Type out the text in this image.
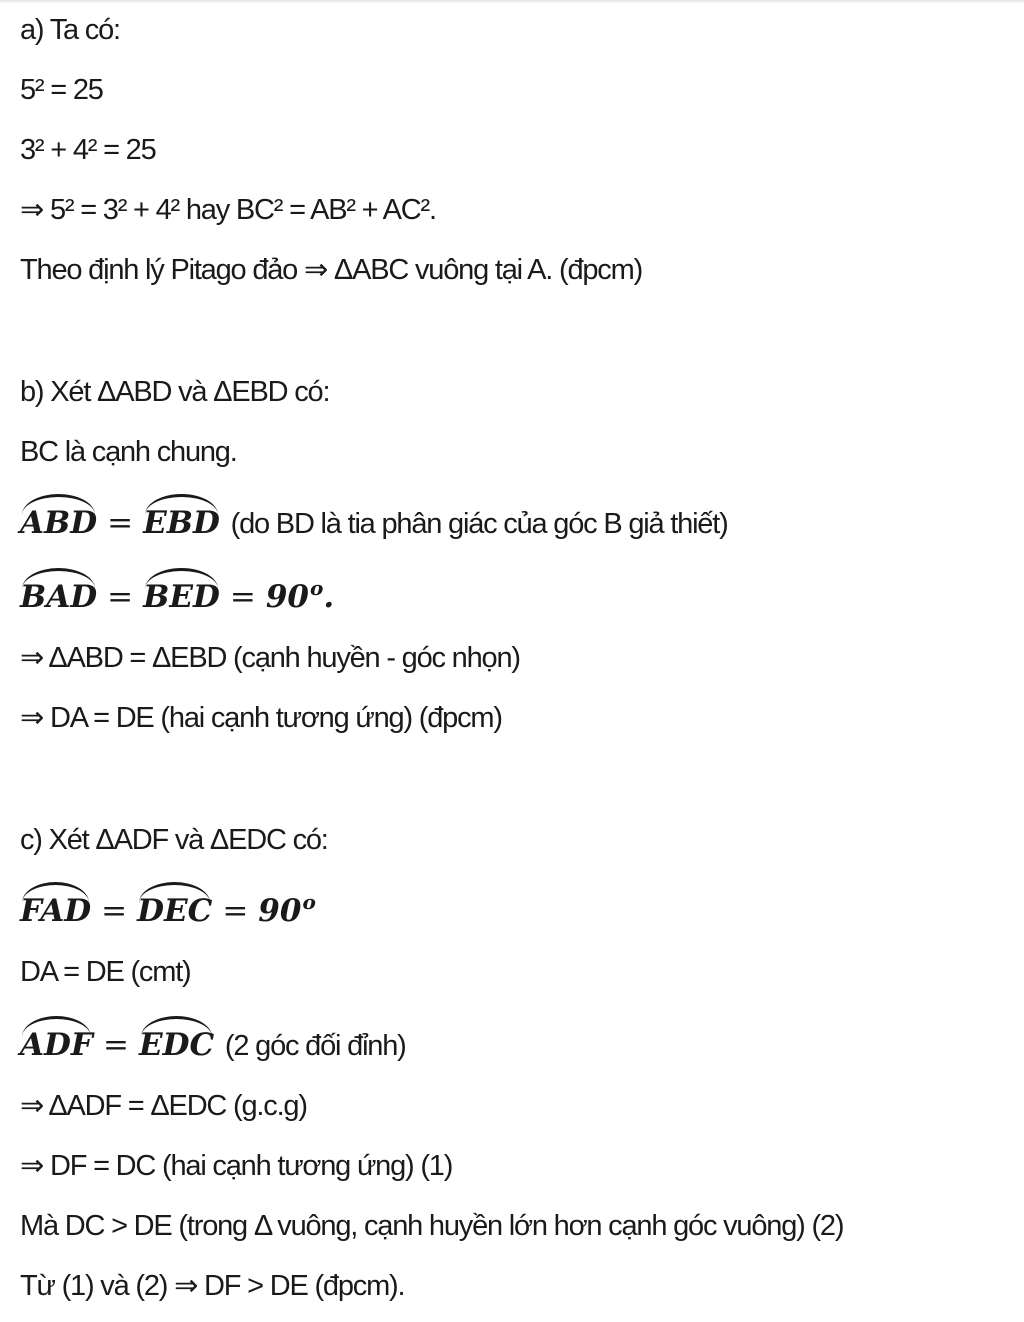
a) Ta có:
5² = 25
3² + 4² = 25
⇒ 5² = 3² + 4² hay BC² = AB² + AC².
Theo định lý Pitago đảo ⇒ ΔABC vuông tại A. (đpcm)
b) Xét ΔABD và ΔEBD có:
BC là cạnh chung.
ABD = EBD (do BD là tia phân giác của góc B giả thiết)
BAD = BED = $90^o$.
⇒ ΔABD = ΔEBD (cạnh huyền - góc nhọn)
⇒ DA = DE (hai cạnh tương ứng) (đpcm)
c) Xét ΔADF và ΔEDC có:
FAD = DEC = $90^o$
DA = DE (cmt)
ADF = EDC (2 góc đối đỉnh)
⇒ ΔADF = ΔEDC (g.c.g)
⇒ DF = DC (hai cạnh tương ứng) (1)
Mà DC > DE (trong Δ vuông, cạnh huyền lớn hơn cạnh góc vuông) (2)
Từ (1) và (2) ⇒ DF > DE (đpcm).
